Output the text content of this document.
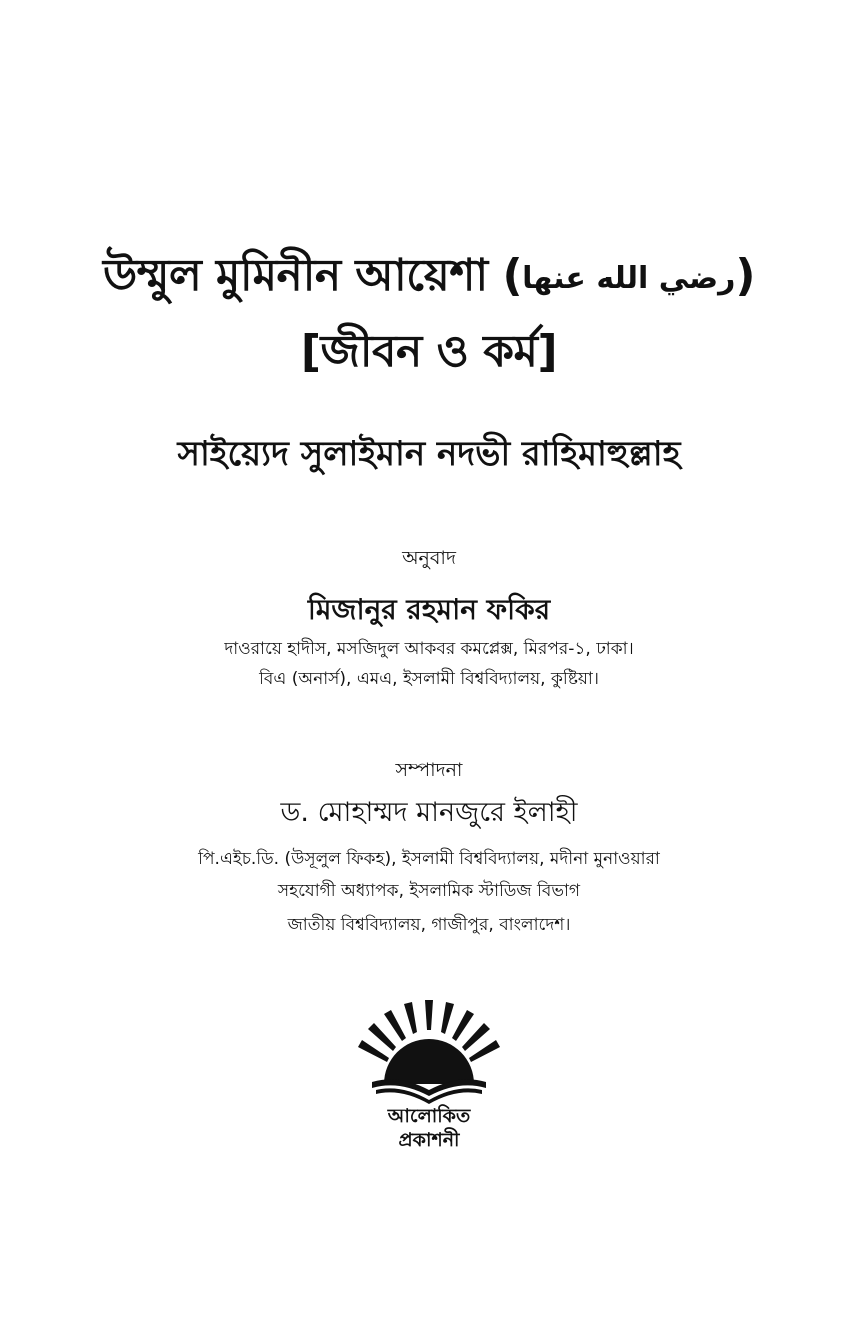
উম্মুল মুমিনীন আয়েশা (رضي الله عنها)
[জীবন ও কর্ম]
সাইয়্যেদ সুলাইমান নদভী রাহিমাহুল্লাহ
অনুবাদ
মিজানুর রহমান ফকির
দাওরায়ে হাদীস, মসজিদুল আকবর কমপ্লেক্স, মিরপর-১, ঢাকা।
বিএ (অনার্স), এমএ, ইসলামী বিশ্ববিদ্যালয়, কুষ্টিয়া।
সম্পাদনা
ড. মোহাম্মদ মানজুরে ইলাহী
পি.এইচ.ডি. (উসূলুল ফিকহ), ইসলামী বিশ্ববিদ্যালয়, মদীনা মুনাওয়ারা
সহযোগী অধ্যাপক, ইসলামিক স্টাডিজ বিভাগ
জাতীয় বিশ্ববিদ্যালয়, গাজীপুর, বাংলাদেশ।
আলোকিত
প্রকাশনী
